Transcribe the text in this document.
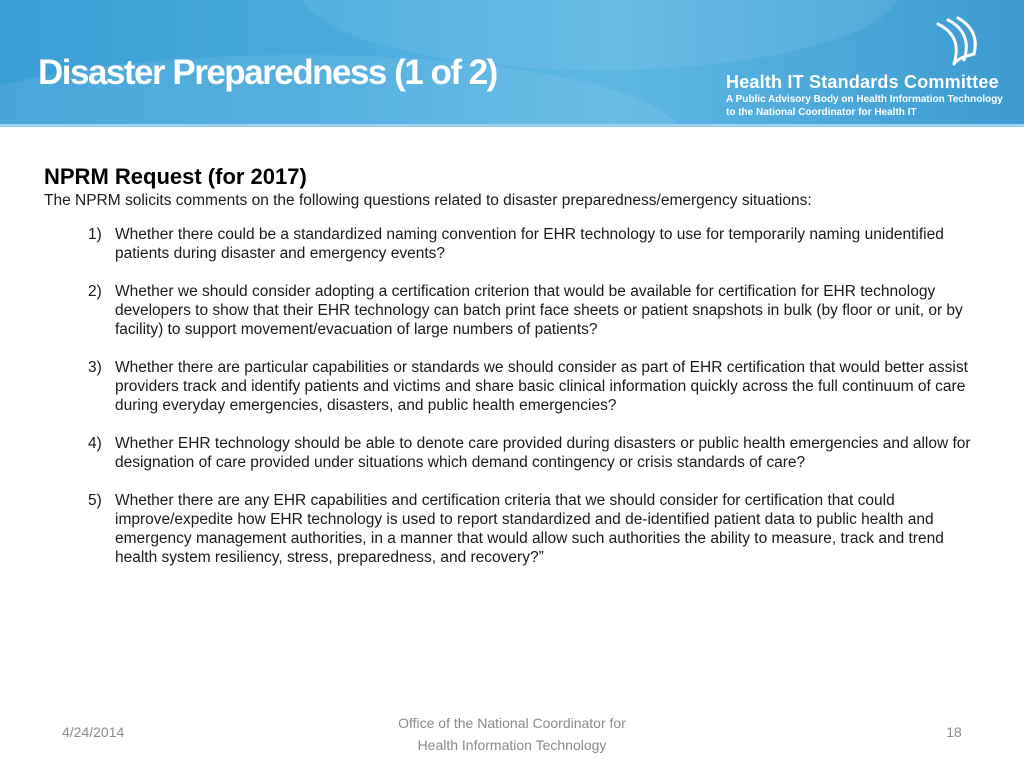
Disaster Preparedness (1 of 2)	Health IT Standards Committee
A Public Advisory Body on Health Information Technology
to the National Coordinator for Health IT
NPRM Request (for 2017)

The NPRM solicits comments on the following questions related to disaster preparedness/emergency situations:

1) Whether there could be a standardized naming convention for EHR technology to use for temporarily naming unidentified patients during disaster and emergency events?
2) Whether we should consider adopting a certification criterion that would be available for certification for EHR technology developers to show that their EHR technology can batch print face sheets or patient snapshots in bulk (by floor or unit, or by facility) to support movement/evacuation of large numbers of patients?
3) Whether there are particular capabilities or standards we should consider as part of EHR certification that would better assist providers track and identify patients and victims and share basic clinical information quickly across the full continuum of care during everyday emergencies, disasters, and public health emergencies?
4) Whether EHR technology should be able to denote care provided during disasters or public health emergencies and allow for designation of care provided under situations which demand contingency or crisis standards of care?
5) Whether there are any EHR capabilities and certification criteria that we should consider for certification that could improve/expedite how EHR technology is used to report standardized and de-identified patient data to public health and emergency management authorities, in a manner that would allow such authorities the ability to measure, track and trend health system resiliency, stress, preparedness, and recovery?”
4/24/2014
Office of the National Coordinator for
Health Information Technology
18
